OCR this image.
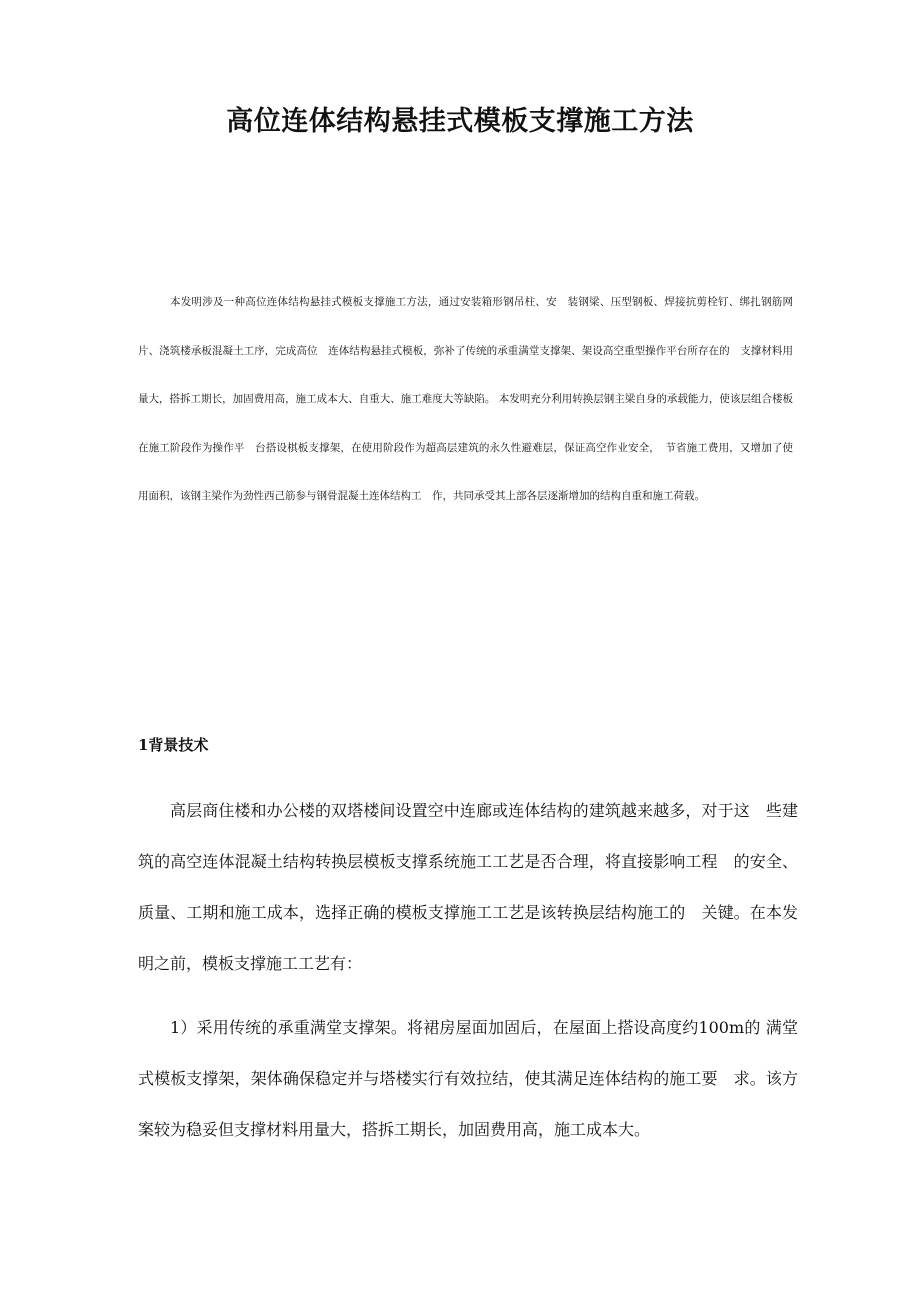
高位连体结构悬挂式模板支撑施工方法

本发明涉及一种高位连体结构悬挂式模板支撑施工方法，通过安装箱形钢吊柱、安　装钢梁、压型钢板、焊接抗剪栓钉、绑扎钢筋网片、浇筑楼承板混凝土工序，完成高位　连体结构悬挂式模板，弥补了传统的承重满堂支撑架、架设高空重型操作平台所存在的　支撑材料用量大，搭拆工期长，加固费用高，施工成本大、自重大、施工难度大等缺陷。 本发明充分利用转换层钢主梁自身的承载能力，使该层组合楼板在施工阶段作为操作平　台搭设棋板支撑架，在使用阶段作为超高层建筑的永久性避难层，保证高空作业安全，　节省施工费用，又增加了使用面积，该钢主梁作为劲性西己筋参与钢骨混凝土连体结构工　作，共同承受其上部各层逐渐增加的结构自重和施工荷载。

1背景技术

高层商住楼和办公楼的双塔楼间设置空中连廊或连体结构的建筑越来越多，对于这　些建筑的高空连体混凝土结构转换层模板支撑系统施工工艺是否合理，将直接影响工程　的安全、质量、工期和施工成本，选择正确的模板支撑施工工艺是该转换层结构施工的　关键。在本发明之前，模板支撑施工工艺有：

1）采用传统的承重满堂支撑架。将裙房屋面加固后，在屋面上搭设高度约100m的 满堂式模板支撑架，架体确保稳定并与塔楼实行有效拉结，使其满足连体结构的施工要　求。该方案较为稳妥但支撑材料用量大，搭拆工期长，加固费用高，施工成本大。
